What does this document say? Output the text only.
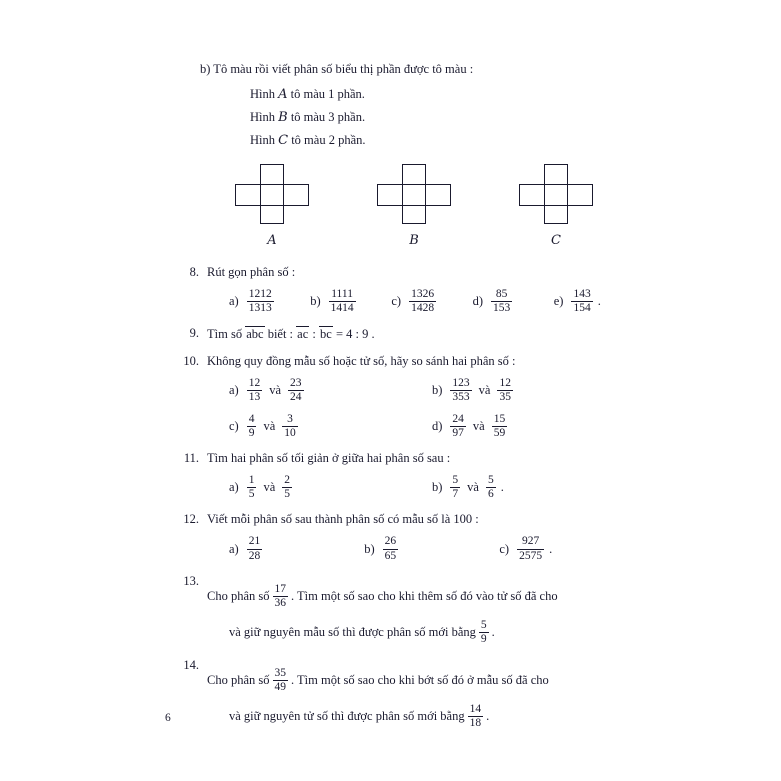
b) Tô màu rồi viết phân số biểu thị phần được tô màu :
Hình A tô màu 1 phần.
Hình B tô màu 3 phần.
Hình C tô màu 2 phần.
A	B	C
8. Rút gọn phân số :
$a) \frac{1212}{1313}$	$b) \frac{1111}{1414}$	$c) \frac{1326}{1428}$	$d) \frac{85}{153}$	$e) \frac{143}{154}$ .
9. Tìm số abc biết : ac : bc = 4 : 9 .
10. Không quy đồng mẫu số hoặc tử số, hãy so sánh hai phân số :
$a) \frac{12}{13}$ và $\frac{23}{24}$	$b) \frac{123}{353}$ và $\frac{12}{35}$
$c) \frac{4}{9}$ và $\frac{3}{10}$	$d) \frac{24}{97}$ và $\frac{15}{59}$
11. Tìm hai phân số tối giản ở giữa hai phân số sau :
$a) \frac{1}{5}$ và $\frac{2}{5}$	$b) \frac{5}{7}$ và $\frac{5}{6}$ .
12. Viết mỗi phân số sau thành phân số có mẫu số là 100 :
$a) \frac{21}{28}$	$b) \frac{26}{65}$	$c) \frac{927}{2575}$ .
13.
Cho phân số $\frac{17}{36}$ . Tìm một số sao cho khi thêm số đó vào tử số đã cho
và giữ nguyên mẫu số thì được phân số mới bằng $\frac{5}{9}$ .
14.
Cho phân số $\frac{35}{49}$ . Tìm một số sao cho khi bớt số đó ở mẫu số đã cho
và giữ nguyên tử số thì được phân số mới bằng $\frac{14}{18}$ .
6
